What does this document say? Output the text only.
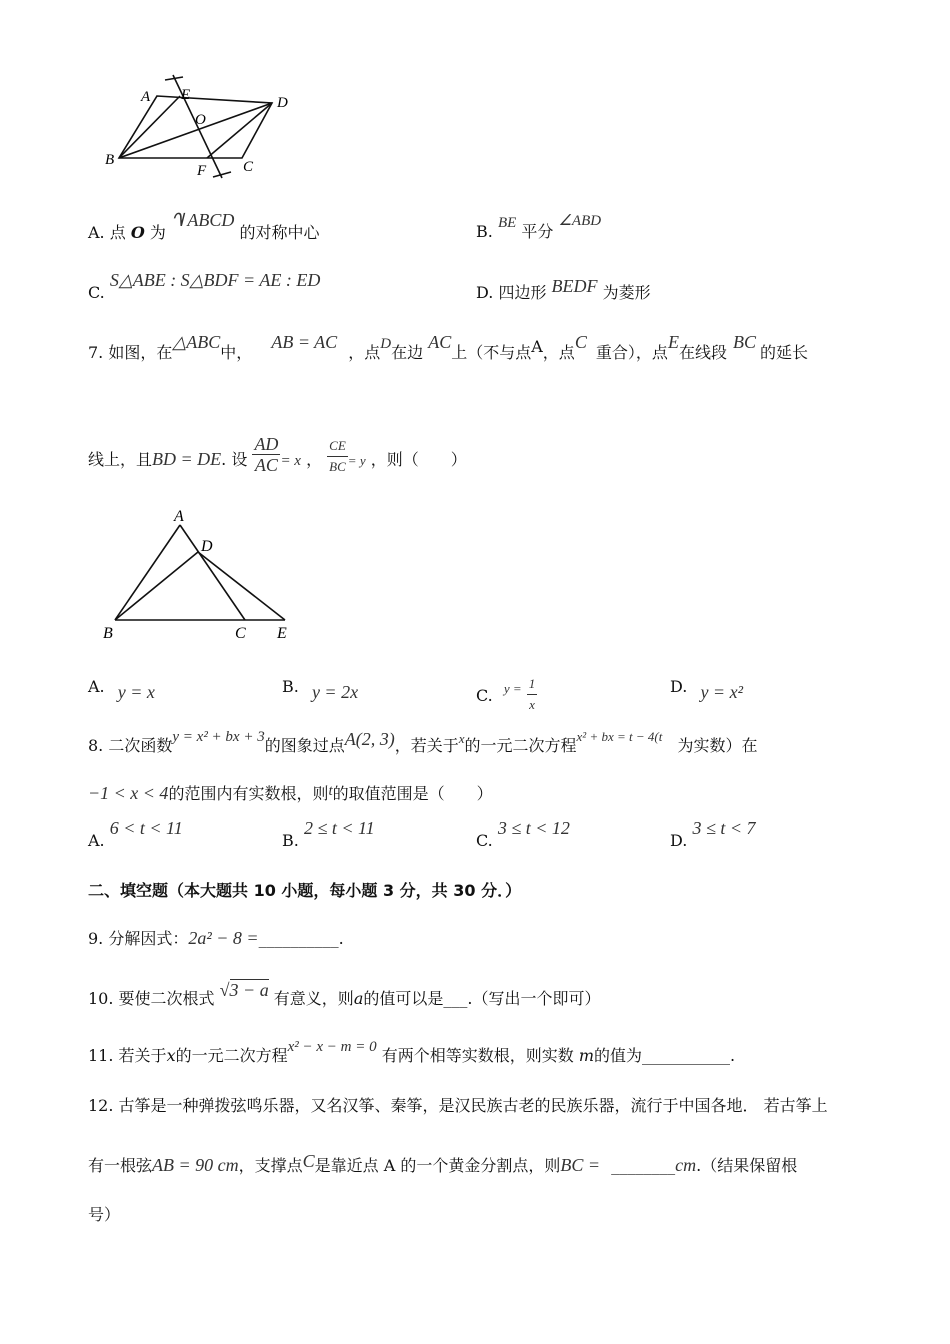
A E
O
D
B
F C
A. 点 O 为 ᗀ ABCD 的对称中心	B. BE 平分 ∠ABD
C. S△ABE : S△BDF = AE : ED
D. 四边形 BEDF 为菱形
7. 如图，在△ABC中， AB = AC ，点D在边 AC上（不与点A，点C 重合），点E在线段BC的延长
线上，且BD = DE. 设 $\frac{AD}{AC} = x$ ， $\frac{CE}{BC} = y$ ，则（　　）
A
D
B	C E
A. y = x	B. y = 2x	C. $^{y =} \frac{1}{x}$	D. y = x²
8. 二次函数y = x² + bx + 3的图象过点A(2, 3)，若关于$^x$的一元二次方程$^{x^2 + bx = t - 4(t}$ 为实数）在
−1 < x < 4的范围内有实数根，则t的取值范围是（　　）
A. 6 < t < 11
B. 2 ≤ t < 11
C. 3 ≤ t < 12
D. 3 ≤ t < 7
二、填空题（本大题共 10 小题，每小题 3 分，共 30 分．）
9. 分解因式：2a² − 8 =__________.
10. 要使二次根式 √3 − a 有意义，则a的值可以是___.（写出一个即可）
11. 若关于x的一元二次方程x² − x − m = 0 有两个相等实数根，则实数 m的值为___________.
12. 古筝是一种弹拨弦鸣乐器，又名汉筝、秦筝，是汉民族古老的民族乐器，流行于中国各地． 若古筝上
有一根弦AB = 90 cm，支撑点C是靠近点 A 的一个黄金分割点，则BC = ________cm.（结果保留根
号）
